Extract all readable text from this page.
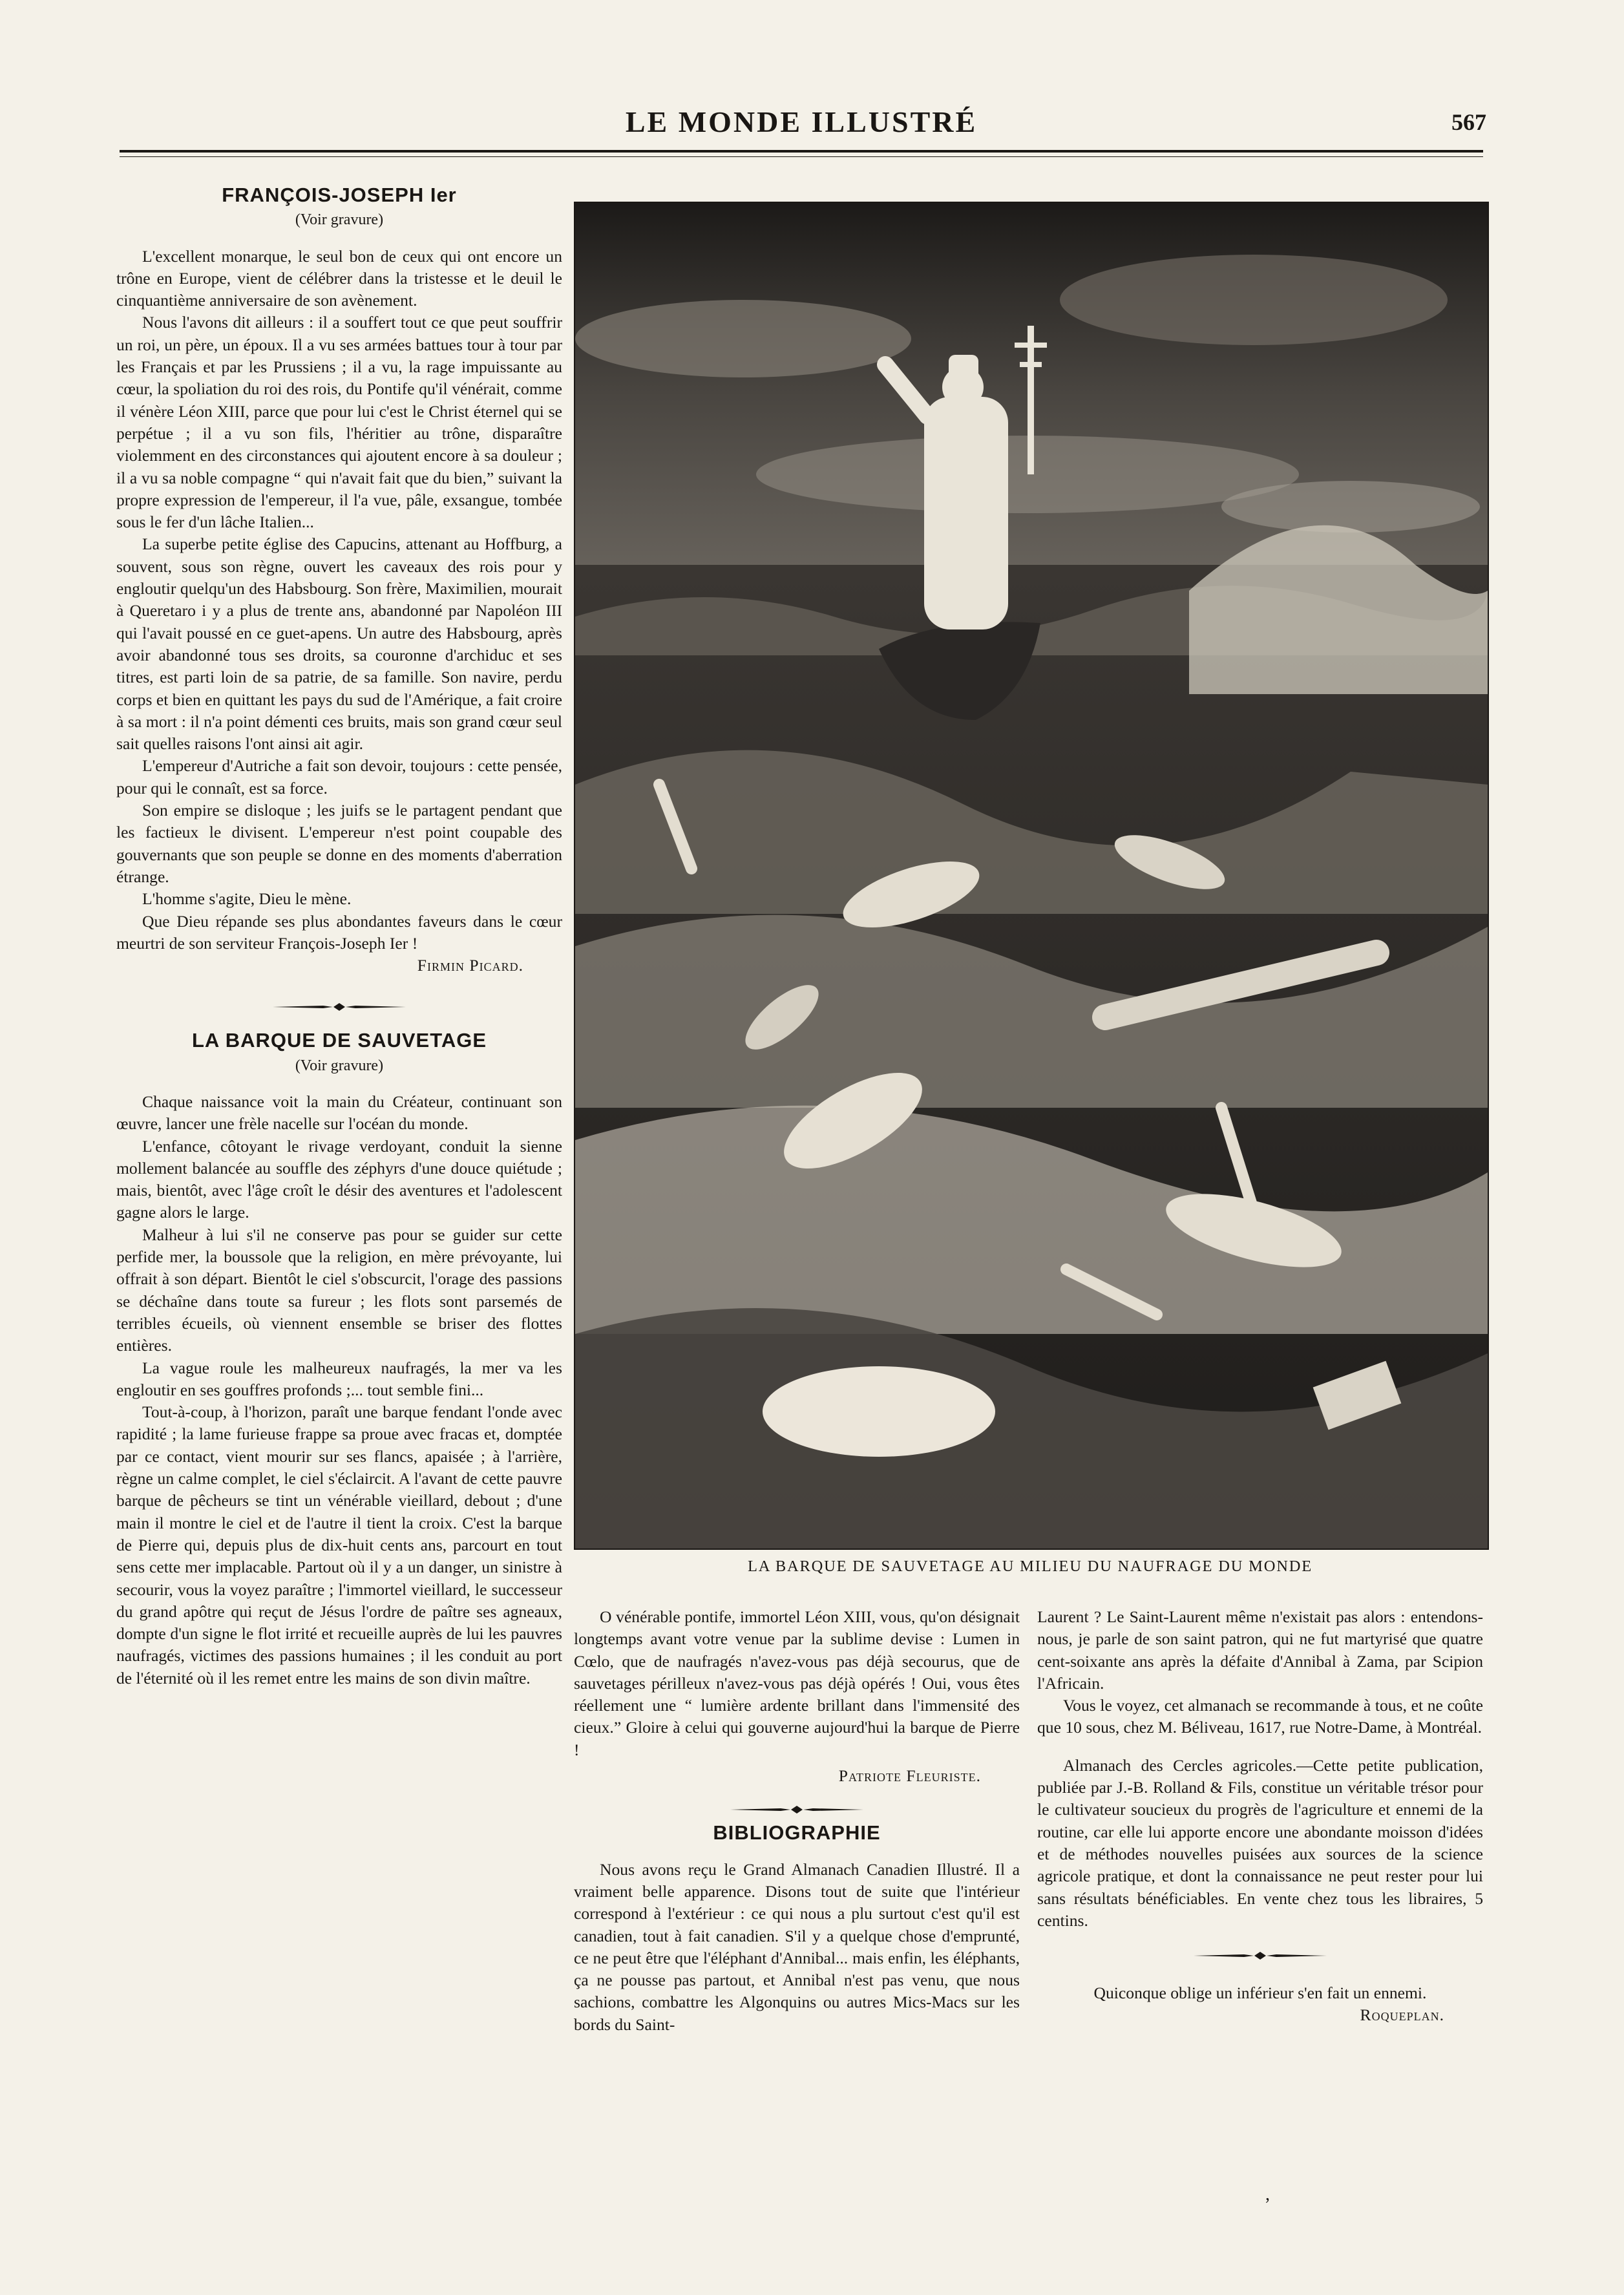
LE MONDE ILLUSTRÉ	567
FRANÇOIS-JOSEPH Ier
(Voir gravure)

L'excellent monarque, le seul bon de ceux qui ont encore un trône en Europe, vient de célébrer dans la tristesse et le deuil le cinquantième anniversaire de son avènement.

Nous l'avons dit ailleurs : il a souffert tout ce que peut souffrir un roi, un père, un époux. Il a vu ses armées battues tour à tour par les Français et par les Prussiens ; il a vu, la rage impuissante au cœur, la spoliation du roi des rois, du Pontife qu'il vénérait, comme il vénère Léon XIII, parce que pour lui c'est le Christ éternel qui se perpétue ; il a vu son fils, l'héritier au trône, disparaître violemment en des circonstances qui ajoutent encore à sa douleur ; il a vu sa noble compagne “ qui n'avait fait que du bien,” suivant la propre expression de l'empereur, il l'a vue, pâle, exsangue, tombée sous le fer d'un lâche Italien...

La superbe petite église des Capucins, attenant au Hoffburg, a souvent, sous son règne, ouvert les caveaux des rois pour y engloutir quelqu'un des Habsbourg. Son frère, Maximilien, mourait à Queretaro i y a plus de trente ans, abandonné par Napoléon III qui l'avait poussé en ce guet-apens. Un autre des Habsbourg, après avoir abandonné tous ses droits, sa couronne d'archiduc et ses titres, est parti loin de sa patrie, de sa famille. Son navire, perdu corps et bien en quittant les pays du sud de l'Amérique, a fait croire à sa mort : il n'a point démenti ces bruits, mais son grand cœur seul sait quelles raisons l'ont ainsi ait agir.

L'empereur d'Autriche a fait son devoir, toujours : cette pensée, pour qui le connaît, est sa force.

Son empire se disloque ; les juifs se le partagent pendant que les factieux le divisent. L'empereur n'est point coupable des gouvernants que son peuple se donne en des moments d'aberration étrange.

L'homme s'agite, Dieu le mène.

Que Dieu répande ses plus abondantes faveurs dans le cœur meurtri de son serviteur François-Joseph Ier !

Firmin Picard.

LA BARQUE DE SAUVETAGE
(Voir gravure)

Chaque naissance voit la main du Créateur, continuant son œuvre, lancer une frèle nacelle sur l'océan du monde.

L'enfance, côtoyant le rivage verdoyant, conduit la sienne mollement balancée au souffle des zéphyrs d'une douce quiétude ; mais, bientôt, avec l'âge croît le désir des aventures et l'adolescent gagne alors le large.

Malheur à lui s'il ne conserve pas pour se guider sur cette perfide mer, la boussole que la religion, en mère prévoyante, lui offrait à son départ. Bientôt le ciel s'obscurcit, l'orage des passions se déchaîne dans toute sa fureur ; les flots sont parsemés de terribles écueils, où viennent ensemble se briser des flottes entières.

La vague roule les malheureux naufragés, la mer va les engloutir en ses gouffres profonds ;... tout semble fini...

Tout-à-coup, à l'horizon, paraît une barque fendant l'onde avec rapidité ; la lame furieuse frappe sa proue avec fracas et, domptée par ce contact, vient mourir sur ses flancs, apaisée ; à l'arrière, règne un calme complet, le ciel s'éclaircit. A l'avant de cette pauvre barque de pêcheurs se tint un vénérable vieillard, debout ; d'une main il montre le ciel et de l'autre il tient la croix. C'est la barque de Pierre qui, depuis plus de dix-huit cents ans, parcourt en tout sens cette mer implacable. Partout où il y a un danger, un sinistre à secourir, vous la voyez paraître ; l'immortel vieillard, le successeur du grand apôtre qui reçut de Jésus l'ordre de paître ses agneaux, dompte d'un signe le flot irrité et recueille auprès de lui les pauvres naufragés, victimes des passions humaines ; il les conduit au port de l'éternité où il les remet entre les mains de son divin maître.

LA BARQUE DE SAUVETAGE AU MILIEU DU NAUFRAGE DU MONDE

O vénérable pontife, immortel Léon XIII, vous, qu'on désignait longtemps avant votre venue par la sublime devise : Lumen in Cœlo, que de naufragés n'avez-vous pas déjà secourus, que de sauvetages périlleux n'avez-vous pas déjà opérés ! Oui, vous êtes réellement une “ lumière ardente brillant dans l'immensité des cieux.” Gloire à celui qui gouverne aujourd'hui la barque de Pierre !

Patriote Fleuriste.

BIBLIOGRAPHIE

Nous avons reçu le Grand Almanach Canadien Illustré. Il a vraiment belle apparence. Disons tout de suite que l'intérieur correspond à l'extérieur : ce qui nous a plu surtout c'est qu'il est canadien, tout à fait canadien. S'il y a quelque chose d'emprunté, ce ne peut être que l'éléphant d'Annibal... mais enfin, les éléphants, ça ne pousse pas partout, et Annibal n'est pas venu, que nous sachions, combattre les Algonquins ou autres Mics-Macs sur les bords du Saint-

Laurent ? Le Saint-Laurent même n'existait pas alors : entendons-nous, je parle de son saint patron, qui ne fut martyrisé que quatre cent-soixante ans après la défaite d'Annibal à Zama, par Scipion l'Africain.

Vous le voyez, cet almanach se recommande à tous, et ne coûte que 10 sous, chez M. Béliveau, 1617, rue Notre-Dame, à Montréal.

Almanach des Cercles agricoles.—Cette petite publication, publiée par J.-B. Rolland & Fils, constitue un véritable trésor pour le cultivateur soucieux du progrès de l'agriculture et ennemi de la routine, car elle lui apporte encore une abondante moisson d'idées et de méthodes nouvelles puisées aux sources de la science agricole pratique, et dont la connaissance ne peut rester pour lui sans résultats bénéficiables. En vente chez tous les libraires, 5 centins.

Quiconque oblige un inférieur s'en fait un ennemi.

Roqueplan.

,
